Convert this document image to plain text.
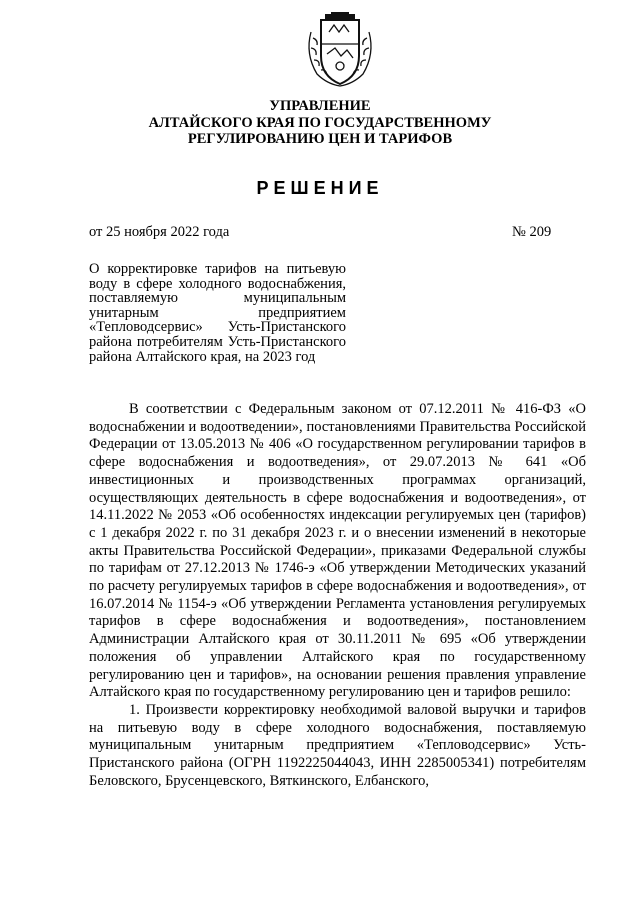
УПРАВЛЕНИЕ
АЛТАЙСКОГО КРАЯ ПО ГОСУДАРСТВЕННОМУ
РЕГУЛИРОВАНИЮ ЦЕН И ТАРИФОВ
РЕШЕНИЕ
от 25 ноября 2022 года	№ 209
О корректировке тарифов на питьевую воду в сфере холодного водоснабжения, поставляемую муниципальным унитарным предприятием «Тепловодсервис» Усть-Пристанского района потребителям Усть-Пристанского района Алтайского края, на 2023 год

В соответствии с Федеральным законом от 07.12.2011 № 416-ФЗ «О водоснабжении и водоотведении», постановлениями Правительства Российской Федерации от 13.05.2013 № 406 «О государственном регулировании тарифов в сфере водоснабжения и водоотведения», от 29.07.2013 № 641 «Об инвестиционных и производственных программах организаций, осуществляющих деятельность в сфере водоснабжения и водоотведения», от 14.11.2022 № 2053 «Об особенностях индексации регулируемых цен (тарифов) с 1 декабря 2022 г. по 31 декабря 2023 г. и о внесении изменений в некоторые акты Правительства Российской Федерации», приказами Федеральной службы по тарифам от 27.12.2013 № 1746-э «Об утверждении Методических указаний по расчету регулируемых тарифов в сфере водоснабжения и водоотведения», от 16.07.2014 № 1154-э «Об утверждении Регламента установления регулируемых тарифов в сфере водоснабжения и водоотведения», постановлением Администрации Алтайского края от 30.11.2011 № 695 «Об утверждении положения об управлении Алтайского края по государственному регулированию цен и тарифов», на основании решения правления управление Алтайского края по государственному регулированию цен и тарифов решило:

1. Произвести корректировку необходимой валовой выручки и тарифов на питьевую воду в сфере холодного водоснабжения, поставляемую муниципальным унитарным предприятием «Тепловодсервис» Усть-Пристанского района (ОГРН 1192225044043, ИНН 2285005341) потребителям Беловского, Брусенцевского, Вяткинского, Елбанского,
